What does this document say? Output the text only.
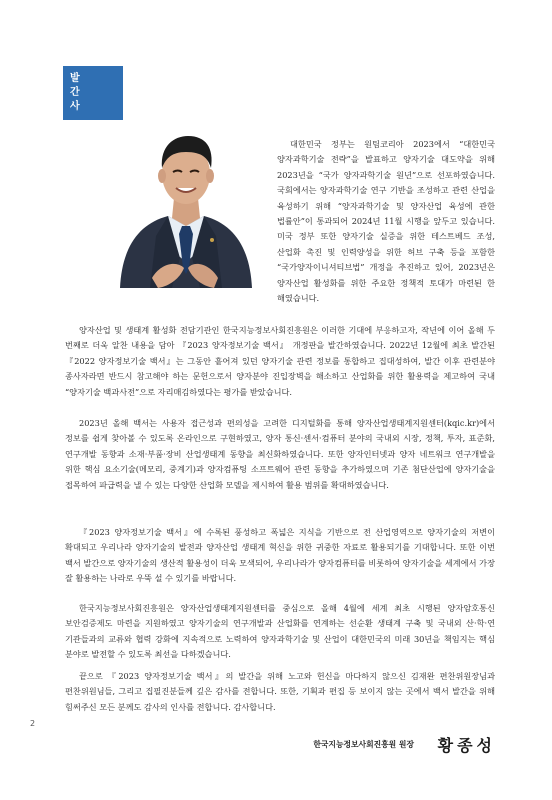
발
간
사

대한민국 정부는 원팀코리아 2023에서 “대한민국 양자과학기술 전략”을 발표하고 양자기술 대도약을 위해 2023년을 “국가 양자과학기술 원년”으로 선포하였습니다. 국회에서는 양자과학기술 연구 기반을 조성하고 관련 산업을 육성하기 위해 “양자과학기술 및 양자산업 육성에 관한 법률안”이 통과되어 2024년 11월 시행을 앞두고 있습니다. 미국 정부 또한 양자기술 실증을 위한 테스트베드 조성, 산업화 촉진 및 인력양성을 위한 허브 구축 등을 포함한 “국가양자이니셔티브법” 개정을 추진하고 있어, 2023년은 양자산업 활성화를 위한 주요한 정책적 토대가 마련된 한 해였습니다.

양자산업 및 생태계 활성화 전담기관인 한국지능정보사회진흥원은 이러한 기대에 부응하고자, 작년에 이어 올해 두 번째로 더욱 알찬 내용을 담아 『2023 양자정보기술 백서』 개정판을 발간하였습니다. 2022년 12월에 최초 발간된 『2022 양자정보기술 백서』는 그동안 흩어져 있던 양자기술 관련 정보를 통합하고 집대성하여, 발간 이후 관련분야 종사자라면 반드시 참고해야 하는 문헌으로서 양자분야 진입장벽을 해소하고 산업화를 위한 활용력을 제고하여 국내 “양자기술 백과사전”으로 자리매김하였다는 평가를 받았습니다.

2023년 올해 백서는 사용자 접근성과 편의성을 고려한 디지털화를 통해 양자산업생태계지원센터(kqic.kr)에서 정보를 쉽게 찾아볼 수 있도록 온라인으로 구현하였고, 양자 통신·센서·컴퓨터 분야의 국내외 시장, 정책, 투자, 표준화, 연구개발 동향과 소재·부품·장비 산업생태계 동향을 최신화하였습니다. 또한 양자인터넷과 양자 네트워크 연구개발을 위한 핵심 요소기술(메모리, 중계기)과 양자컴퓨팅 소프트웨어 관련 동향을 추가하였으며 기존 첨단산업에 양자기술을 접목하여 파급력을 낼 수 있는 다양한 산업화 모델을 제시하여 활용 범위를 확대하였습니다.

『2023 양자정보기술 백서』에 수록된 풍성하고 폭넓은 지식을 기반으로 전 산업영역으로 양자기술의 저변이 확대되고 우리나라 양자기술의 발전과 양자산업 생태계 혁신을 위한 귀중한 자료로 활용되기를 기대합니다. 또한 이번 백서 발간으로 양자기술의 생산적 활용성이 더욱 모색되어, 우리나라가 양자컴퓨터를 비롯하여 양자기술을 세계에서 가장 잘 활용하는 나라로 우뚝 설 수 있기를 바랍니다.

한국지능정보사회진흥원은 양자산업생태계지원센터를 중심으로 올해 4월에 세계 최초 시행된 양자암호통신 보안검증제도 마련을 지원하였고 양자기술의 연구개발과 산업화를 연계하는 선순환 생태계 구축 및 국내외 산·학·연 기관들과의 교류와 협력 강화에 지속적으로 노력하여 양자과학기술 및 산업이 대한민국의 미래 30년을 책임지는 핵심 분야로 발전할 수 있도록 최선을 다하겠습니다.

끝으로 『2023 양자정보기술 백서』의 발간을 위해 노고와 헌신을 마다하지 않으신 김재완 편찬위원장님과 편찬위원님들, 그리고 집필진분들께 깊은 감사를 전합니다. 또한, 기획과 편집 등 보이지 않는 곳에서 백서 발간을 위해 힘써주신 모든 분께도 감사의 인사를 전합니다. 감사합니다.

2
한국지능정보사회진흥원 원장 황종성
